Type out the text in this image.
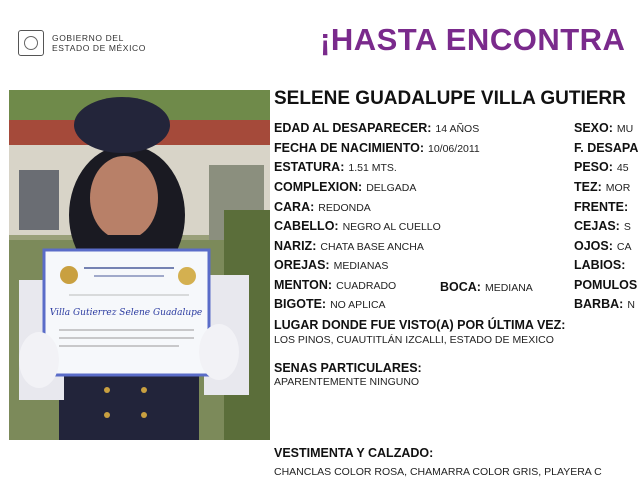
GOBIERNO DEL
ESTADO DE MÉXICO	¡HASTA ENCONTRA
Villa Gutierrez Selene Guadalupe
SELENE GUADALUPE VILLA GUTIERR
EDAD AL DESAPARECER: 14 AÑOS
FECHA DE NACIMIENTO: 10/06/2011
ESTATURA: 1.51 MTS.
COMPLEXION: DELGADA
CARA: REDONDA
CABELLO: NEGRO AL CUELLO
NARIZ: CHATA BASE ANCHA
OREJAS: MEDIANAS
MENTON: CUADRADO
BIGOTE: NO APLICA
BOCA: MEDIANA
SEXO: MU
F. DESAPA
PESO: 45
TEZ: MOR
FRENTE:
CEJAS: S
OJOS: CA
LABIOS:
POMULOS
BARBA: N
LUGAR DONDE FUE VISTO(A) POR ÚLTIMA VEZ:
LOS PINOS, CUAUTITLÁN IZCALLI, ESTADO DE MEXICO
SENAS PARTICULARES:
APARENTEMENTE NINGUNO
VESTIMENTA Y CALZADO:
CHANCLAS COLOR ROSA, CHAMARRA COLOR GRIS, PLAYERA C
